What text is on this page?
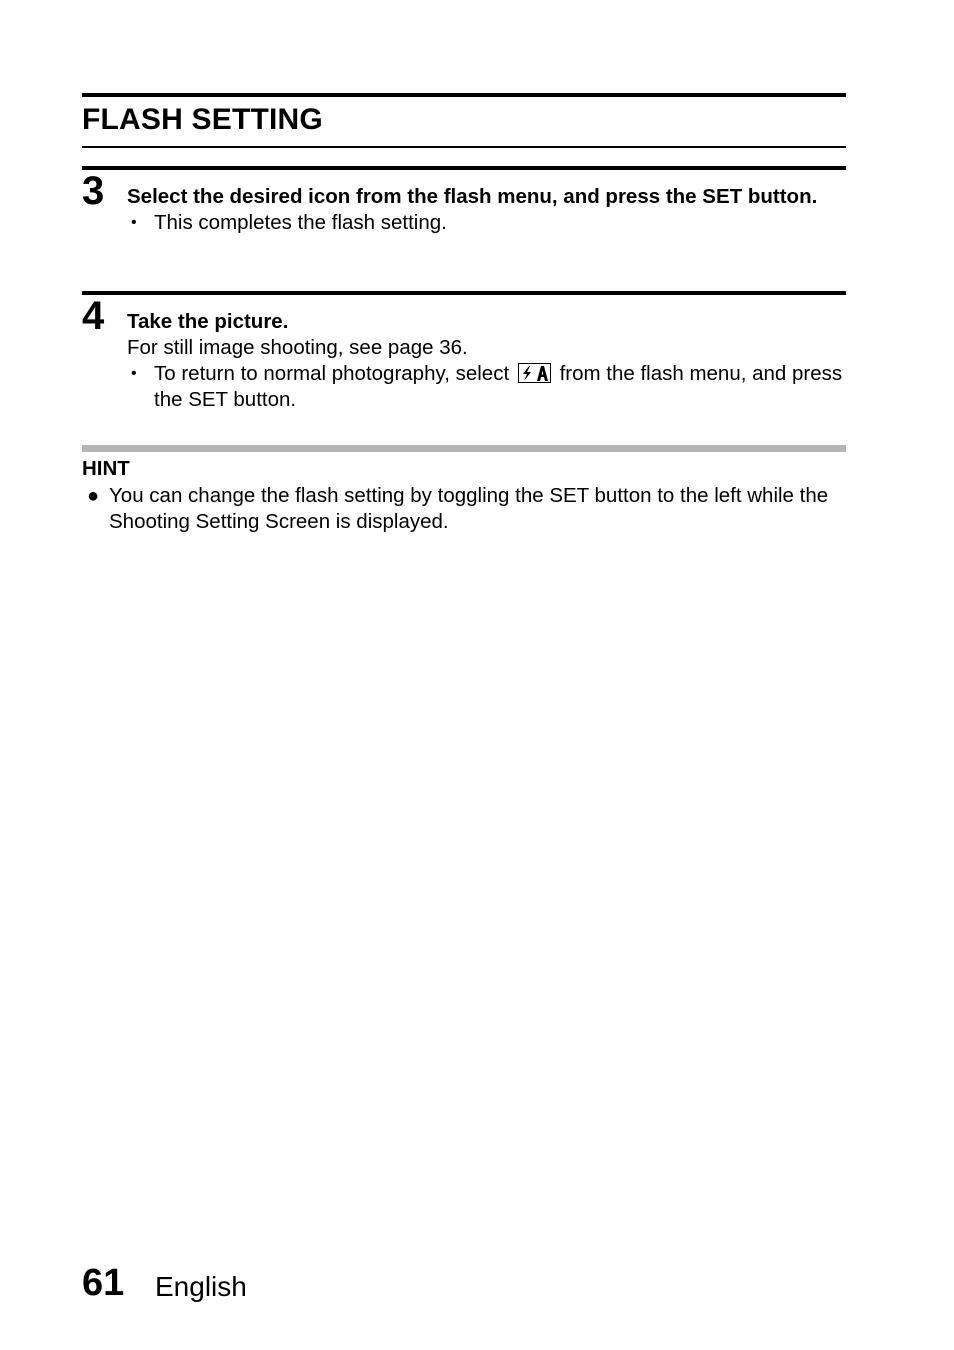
FLASH SETTING
3 Select the desired icon from the flash menu, and press the SET button.
• This completes the flash setting.
4 Take the picture.
For still image shooting, see page 36.
• To return to normal photography, select from the flash menu, and press the SET button.
HINT
● You can change the flash setting by toggling the SET button to the left while the Shooting Setting Screen is displayed.
61 English
